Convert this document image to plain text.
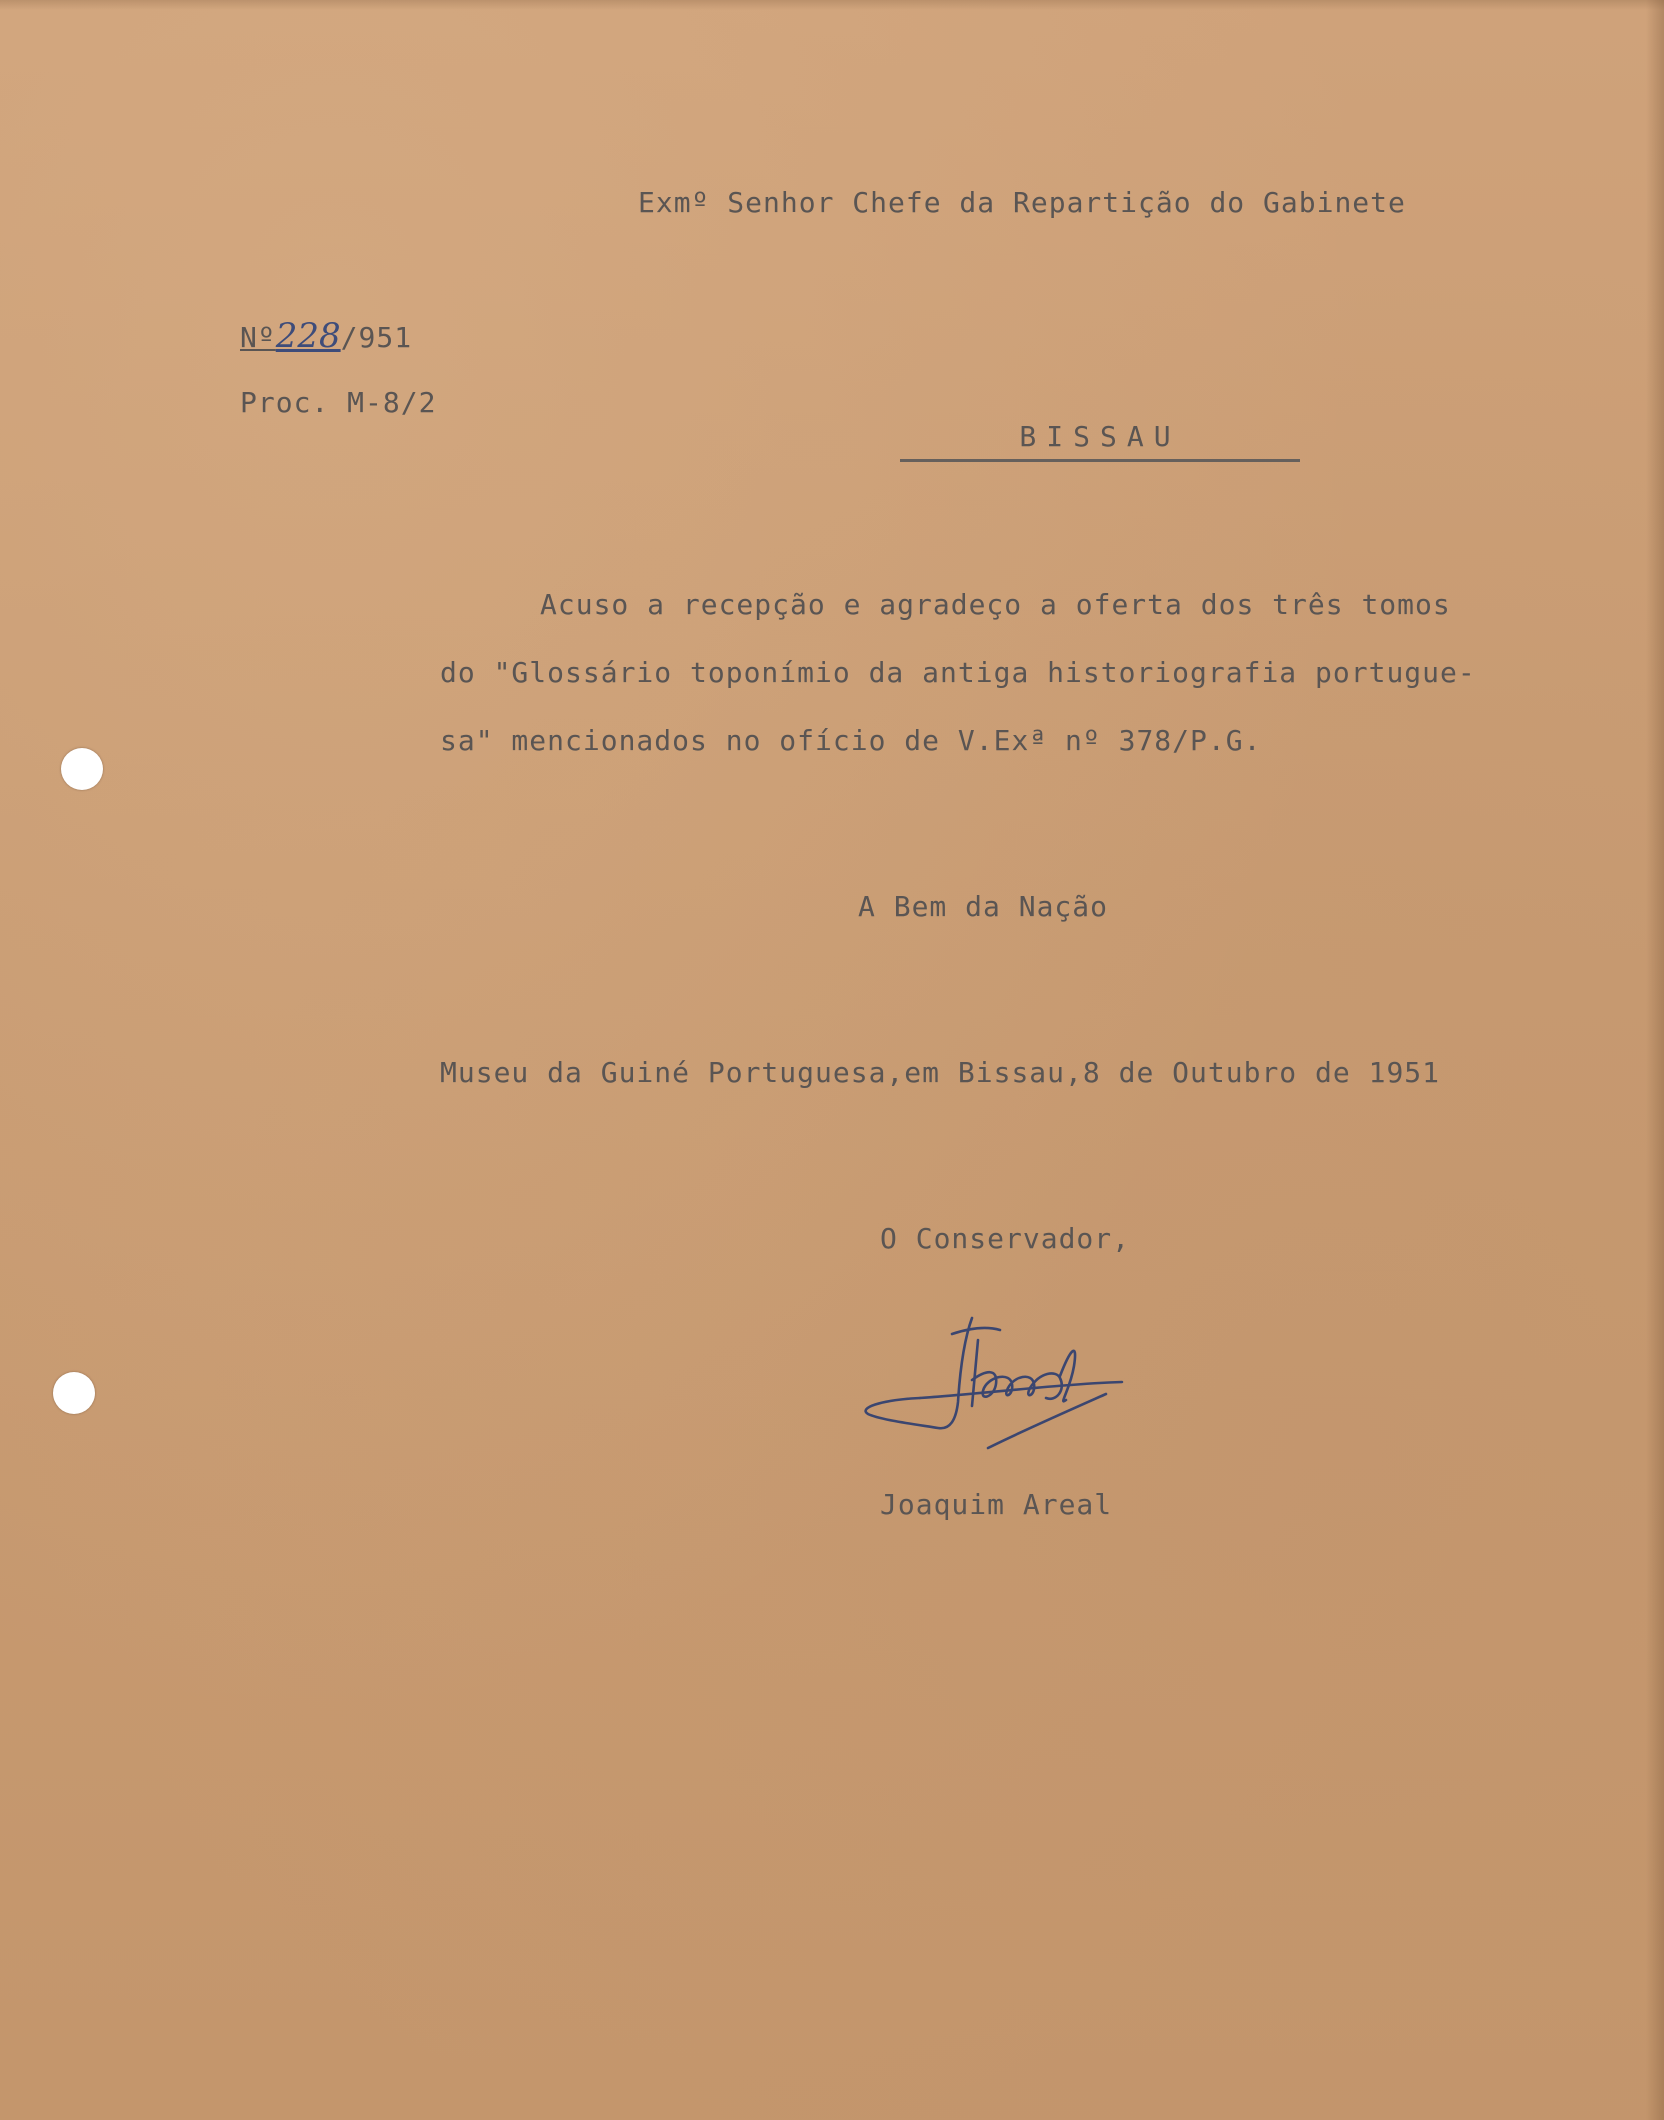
Exmº Senhor Chefe da Repartição do Gabinete
Nº228/951
Proc. M-8/2
BISSAU
Acuso a recepção e agradeço a oferta dos três tomos
do "Glossário toponímio da antiga historiografia portugue-
sa" mencionados no ofício de V.Exª nº 378/P.G.
A Bem da Nação
Museu da Guiné Portuguesa,em Bissau,8 de Outubro de 1951
O Conservador,
Joaquim Areal
